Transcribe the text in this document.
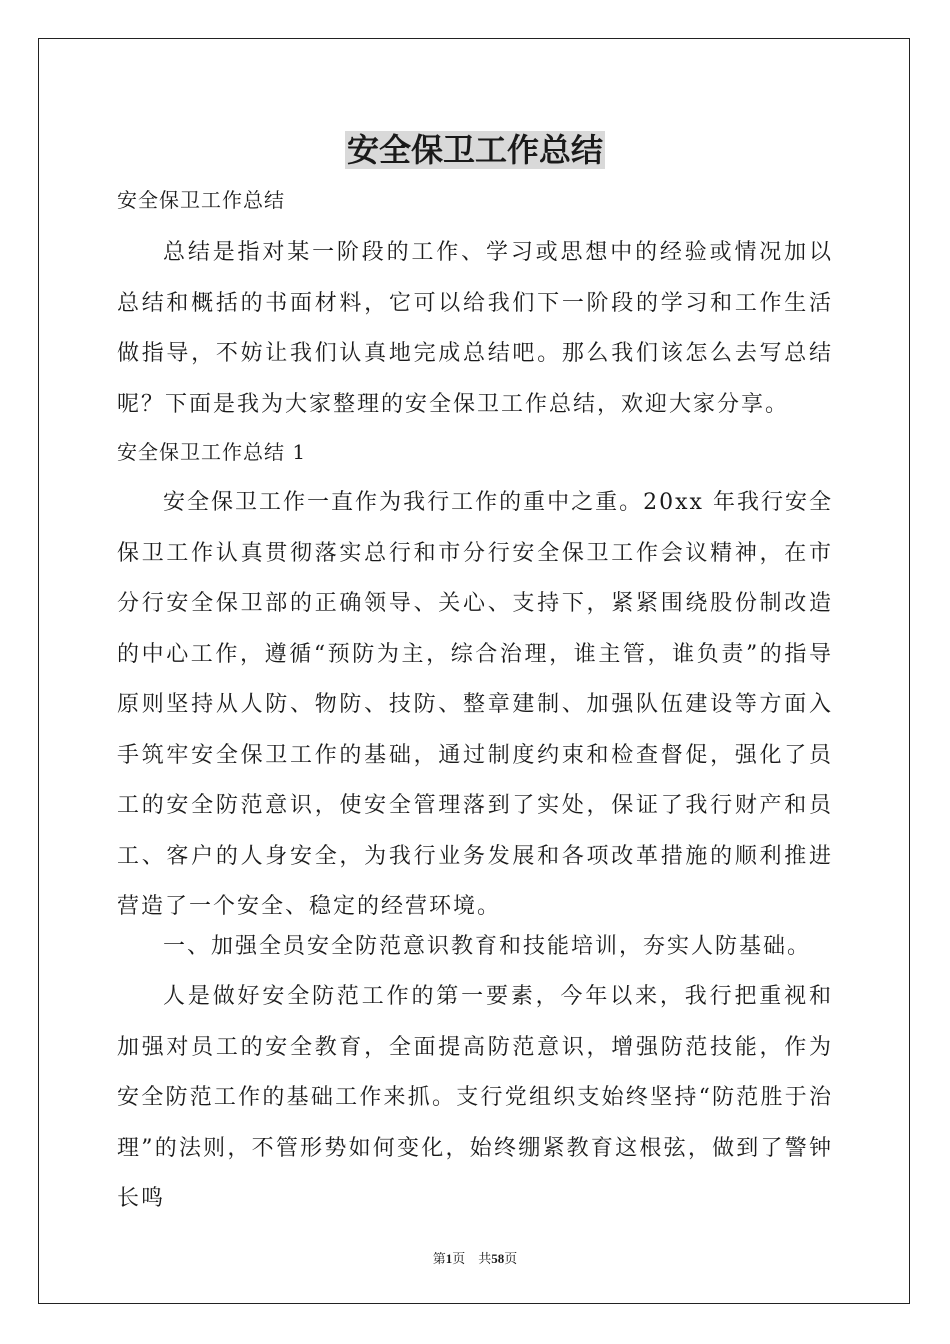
安全保卫工作总结
安全保卫工作总结

总结是指对某一阶段的工作、学习或思想中的经验或情况加以总结和概括的书面材料，它可以给我们下一阶段的学习和工作生活做指导，不妨让我们认真地完成总结吧。那么我们该怎么去写总结呢？下面是我为大家整理的安全保卫工作总结，欢迎大家分享。

安全保卫工作总结 1

安全保卫工作一直作为我行工作的重中之重。20xx 年我行安全保卫工作认真贯彻落实总行和市分行安全保卫工作会议精神，在市分行安全保卫部的正确领导、关心、支持下，紧紧围绕股份制改造的中心工作，遵循“预防为主，综合治理，谁主管，谁负责”的指导原则坚持从人防、物防、技防、整章建制、加强队伍建设等方面入手筑牢安全保卫工作的基础，通过制度约束和检查督促，强化了员工的安全防范意识，使安全管理落到了实处，保证了我行财产和员工、客户的人身安全，为我行业务发展和各项改革措施的顺利推进营造了一个安全、稳定的经营环境。

一、加强全员安全防范意识教育和技能培训，夯实人防基础。

人是做好安全防范工作的第一要素，今年以来，我行把重视和加强对员工的安全教育，全面提高防范意识，增强防范技能，作为安全防范工作的基础工作来抓。支行党组织支始终坚持“防范胜于治理”的法则，不管形势如何变化，始终绷紧教育这根弦，做到了警钟长鸣

第1页 共58页
